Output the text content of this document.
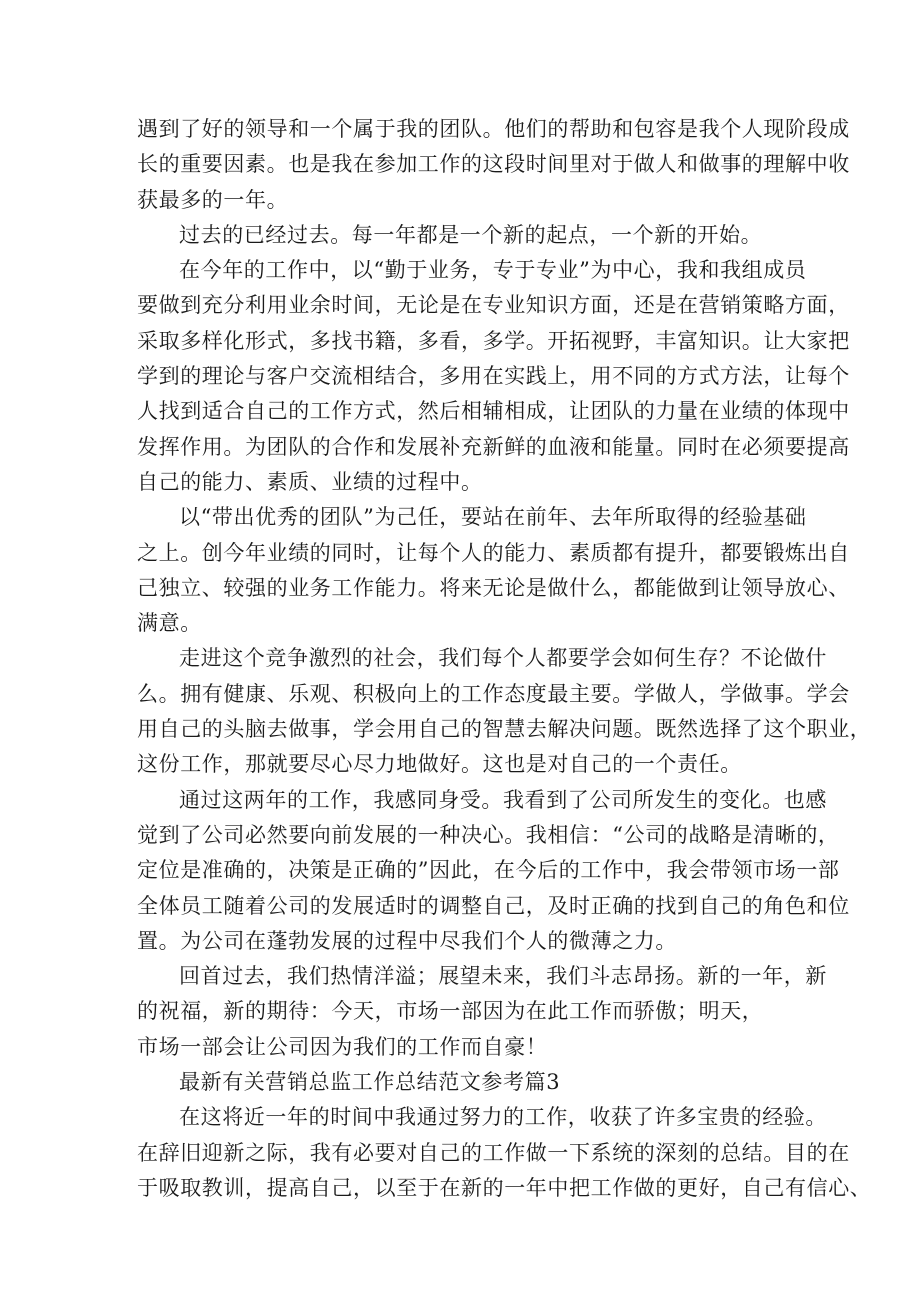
遇到了好的领导和一个属于我的团队。他们的帮助和包容是我个人现阶段成
长的重要因素。也是我在参加工作的这段时间里对于做人和做事的理解中收
获最多的一年。
过去的已经过去。每一年都是一个新的起点，一个新的开始。
在今年的工作中，以“勤于业务，专于专业”为中心，我和我组成员
要做到充分利用业余时间，无论是在专业知识方面，还是在营销策略方面，
采取多样化形式，多找书籍，多看，多学。开拓视野，丰富知识。让大家把
学到的理论与客户交流相结合，多用在实践上，用不同的方式方法，让每个
人找到适合自己的工作方式，然后相辅相成，让团队的力量在业绩的体现中
发挥作用。为团队的合作和发展补充新鲜的血液和能量。同时在必须要提高
自己的能力、素质、业绩的过程中。
以“带出优秀的团队”为己任，要站在前年、去年所取得的经验基础
之上。创今年业绩的同时，让每个人的能力、素质都有提升，都要锻炼出自
己独立、较强的业务工作能力。将来无论是做什么，都能做到让领导放心、
满意。
走进这个竞争激烈的社会，我们每个人都要学会如何生存？不论做什
么。拥有健康、乐观、积极向上的工作态度最主要。学做人，学做事。学会
用自己的头脑去做事，学会用自己的智慧去解决问题。既然选择了这个职业，
这份工作，那就要尽心尽力地做好。这也是对自己的一个责任。
通过这两年的工作，我感同身受。我看到了公司所发生的变化。也感
觉到了公司必然要向前发展的一种决心。我相信：“公司的战略是清晰的，
定位是准确的，决策是正确的”因此，在今后的工作中，我会带领市场一部
全体员工随着公司的发展适时的调整自己，及时正确的找到自己的角色和位
置。为公司在蓬勃发展的过程中尽我们个人的微薄之力。
回首过去，我们热情洋溢；展望未来，我们斗志昂扬。新的一年，新
的祝福，新的期待：今天，市场一部因为在此工作而骄傲；明天，
市场一部会让公司因为我们的工作而自豪！
最新有关营销总监工作总结范文参考篇3
在这将近一年的时间中我通过努力的工作，收获了许多宝贵的经验。
在辞旧迎新之际，我有必要对自己的工作做一下系统的深刻的总结。目的在
于吸取教训，提高自己，以至于在新的一年中把工作做的更好，自己有信心、
